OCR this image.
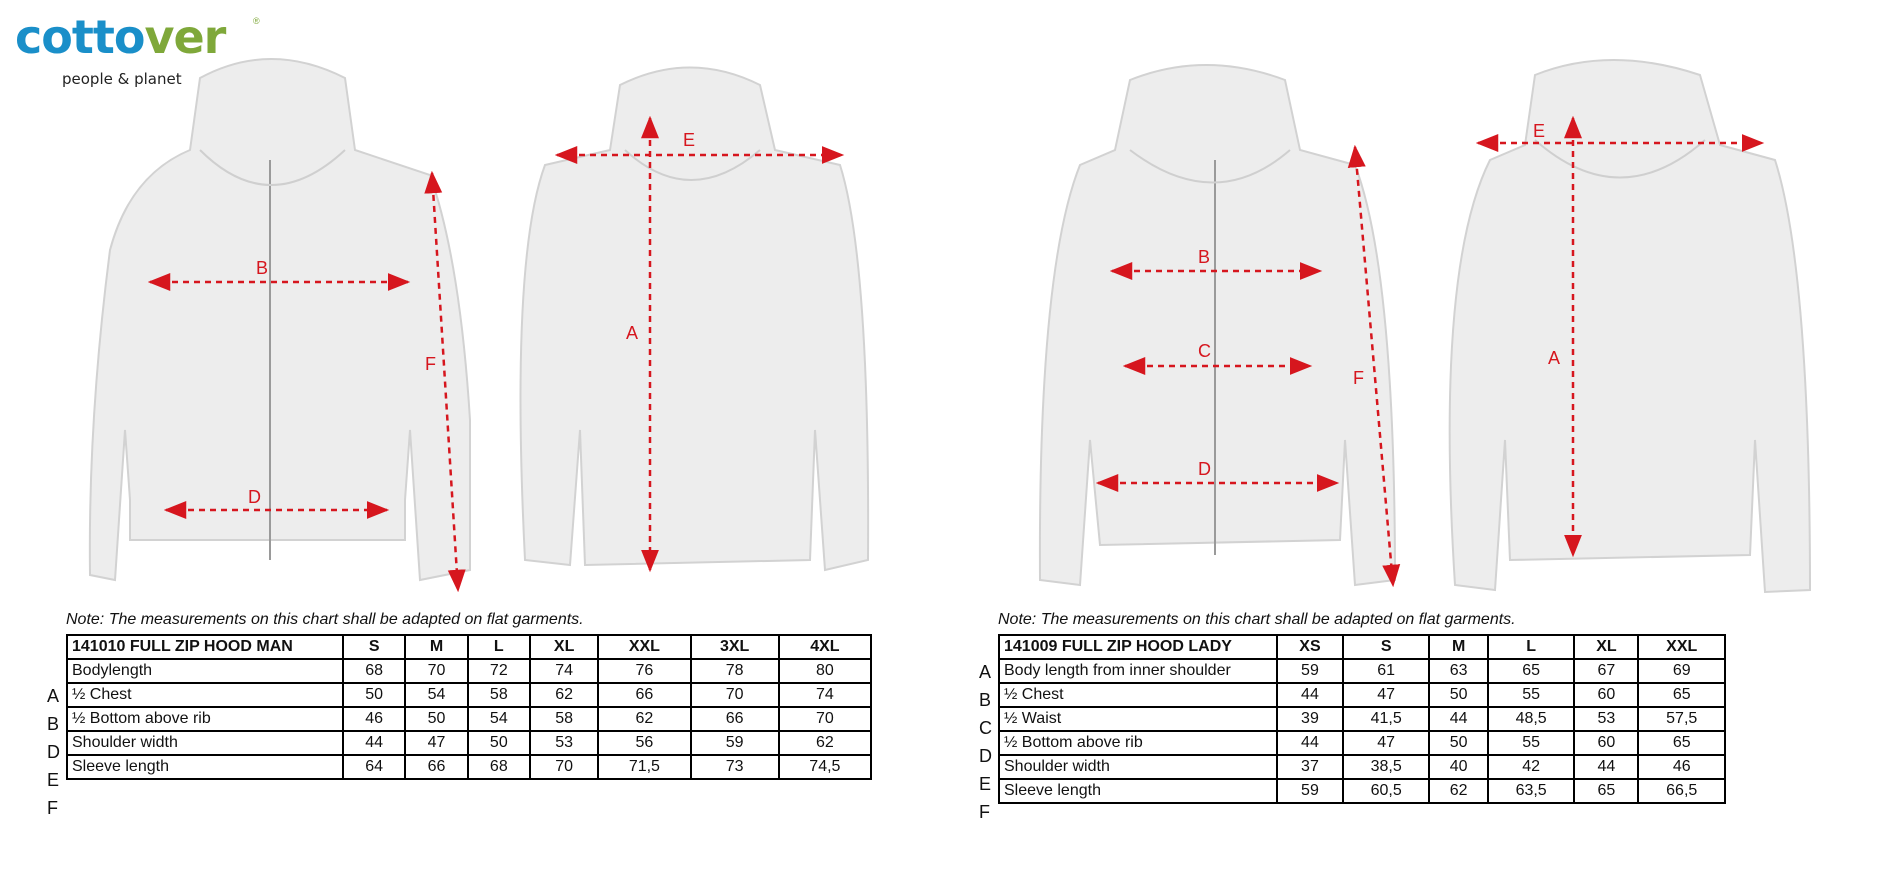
cottover	®
people & planet
B
D
F
E
A
B
C
D
F
E
A
Note: The measurements on this chart shall be adapted on flat garments.
A
B
D
E
F
141010 FULL ZIP HOOD MAN	S	M	L	XL	XXL	3XL	4XL
Bodylength	68	70	72	74	76	78	80
½ Chest	50	54	58	62	66	70	74
½ Bottom above rib	46	50	54	58	62	66	70
Shoulder width	44	47	50	53	56	59	62
Sleeve length	64	66	68	70	71,5	73	74,5
Note: The measurements on this chart shall be adapted on flat garments.
A
B
C
D
E
F
141009 FULL ZIP HOOD LADY	XS	S	M	L	XL	XXL
Body length from inner shoulder	59	61	63	65	67	69
½ Chest	44	47	50	55	60	65
½ Waist	39	41,5	44	48,5	53	57,5
½ Bottom above rib	44	47	50	55	60	65
Shoulder width	37	38,5	40	42	44	46
Sleeve length	59	60,5	62	63,5	65	66,5
